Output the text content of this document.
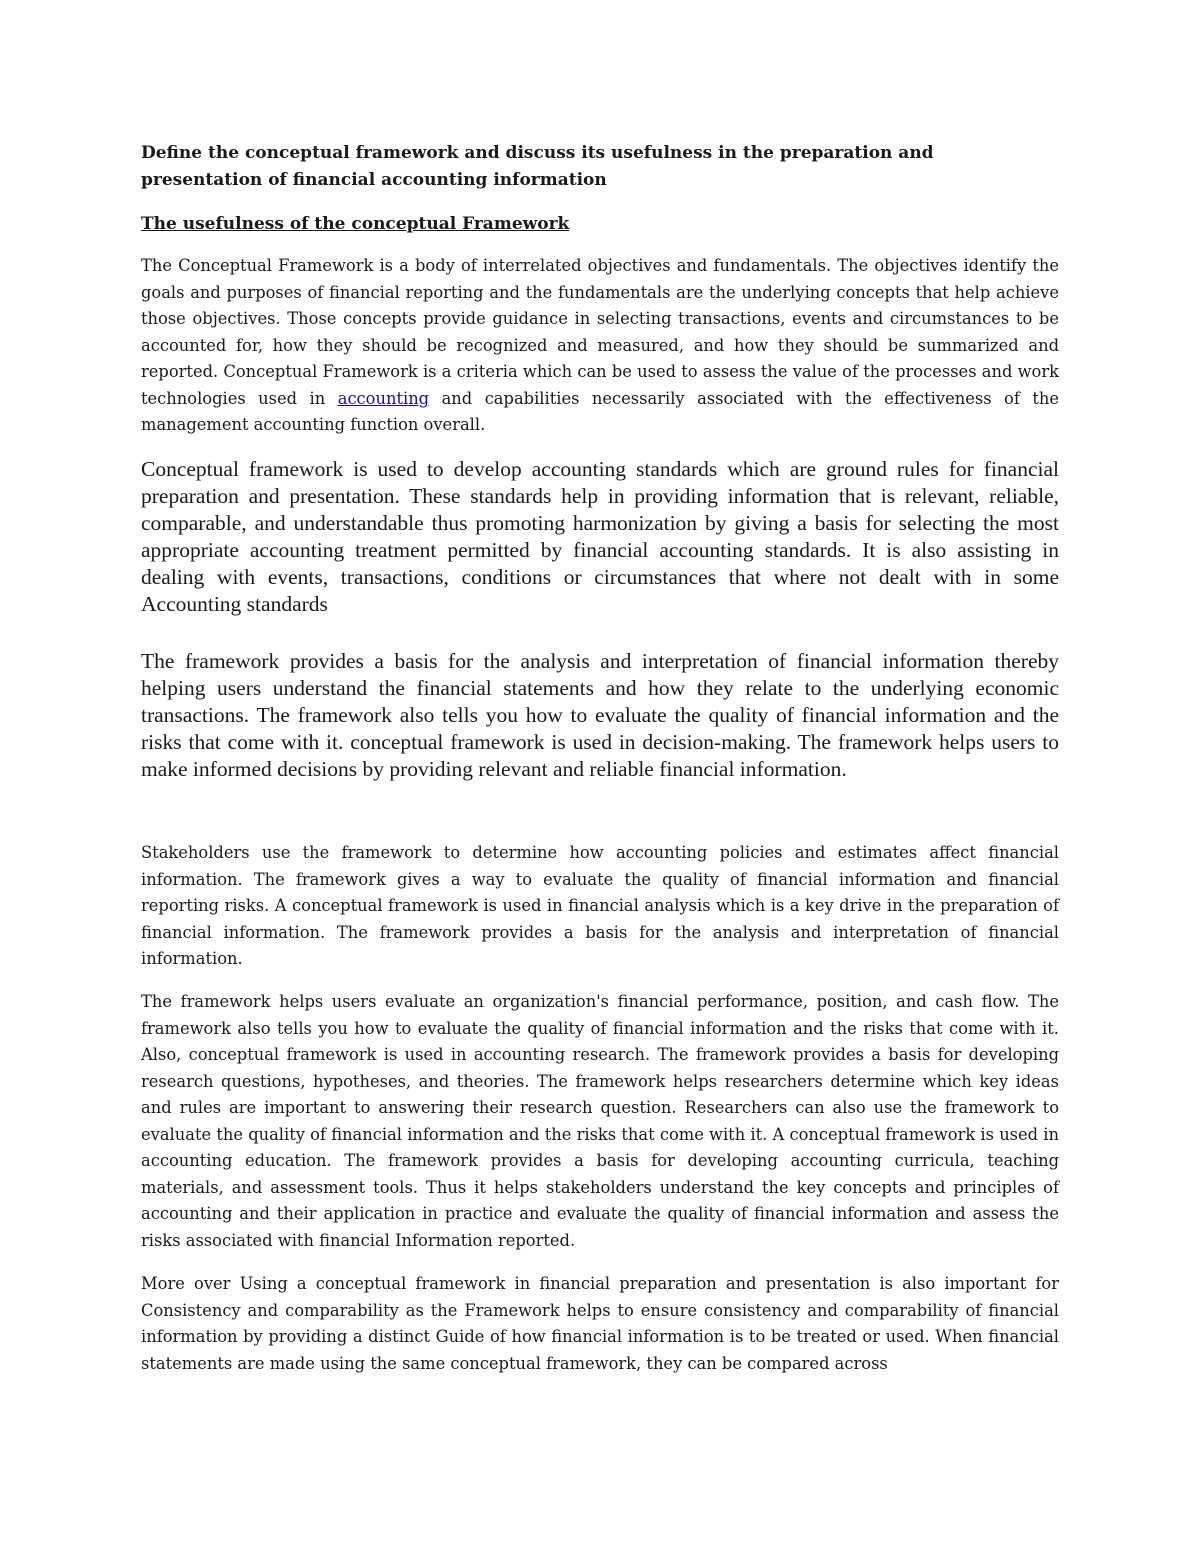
Define the conceptual framework and discuss its usefulness in the preparation and presentation of financial accounting information

The usefulness of the conceptual Framework

The Conceptual Framework is a body of interrelated objectives and fundamentals. The objectives identify the goals and purposes of financial reporting and the fundamentals are the underlying concepts that help achieve those objectives. Those concepts provide guidance in selecting transactions, events and circumstances to be accounted for, how they should be recognized and measured, and how they should be summarized and reported. Conceptual Framework is a criteria which can be used to assess the value of the processes and work technologies used in accounting and capabilities necessarily associated with the effectiveness of the management accounting function overall.

Conceptual framework is used to develop accounting standards which are ground rules for financial preparation and presentation. These standards help in providing information that is relevant, reliable, comparable, and understandable thus promoting harmonization by giving a basis for selecting the most appropriate accounting treatment permitted by financial accounting standards. It is also assisting in dealing with events, transactions, conditions or circumstances that where not dealt with in some Accounting standards

The framework provides a basis for the analysis and interpretation of financial information thereby helping users understand the financial statements and how they relate to the underlying economic transactions. The framework also tells you how to evaluate the quality of financial information and the risks that come with it. conceptual framework is used in decision-making. The framework helps users to make informed decisions by providing relevant and reliable financial information.

Stakeholders use the framework to determine how accounting policies and estimates affect financial information. The framework gives a way to evaluate the quality of financial information and financial reporting risks. A conceptual framework is used in financial analysis which is a key drive in the preparation of financial information. The framework provides a basis for the analysis and interpretation of financial information.

The framework helps users evaluate an organization's financial performance, position, and cash flow. The framework also tells you how to evaluate the quality of financial information and the risks that come with it. Also, conceptual framework is used in accounting research. The framework provides a basis for developing research questions, hypotheses, and theories. The framework helps researchers determine which key ideas and rules are important to answering their research question. Researchers can also use the framework to evaluate the quality of financial information and the risks that come with it. A conceptual framework is used in accounting education. The framework provides a basis for developing accounting curricula, teaching materials, and assessment tools. Thus it helps stakeholders understand the key concepts and principles of accounting and their application in practice and evaluate the quality of financial information and assess the risks associated with financial Information reported.

More over Using a conceptual framework in financial preparation and presentation is also important for Consistency and comparability as the Framework helps to ensure consistency and comparability of financial information by providing a distinct Guide of how financial information is to be treated or used. When financial statements are made using the same conceptual framework, they can be compared across
